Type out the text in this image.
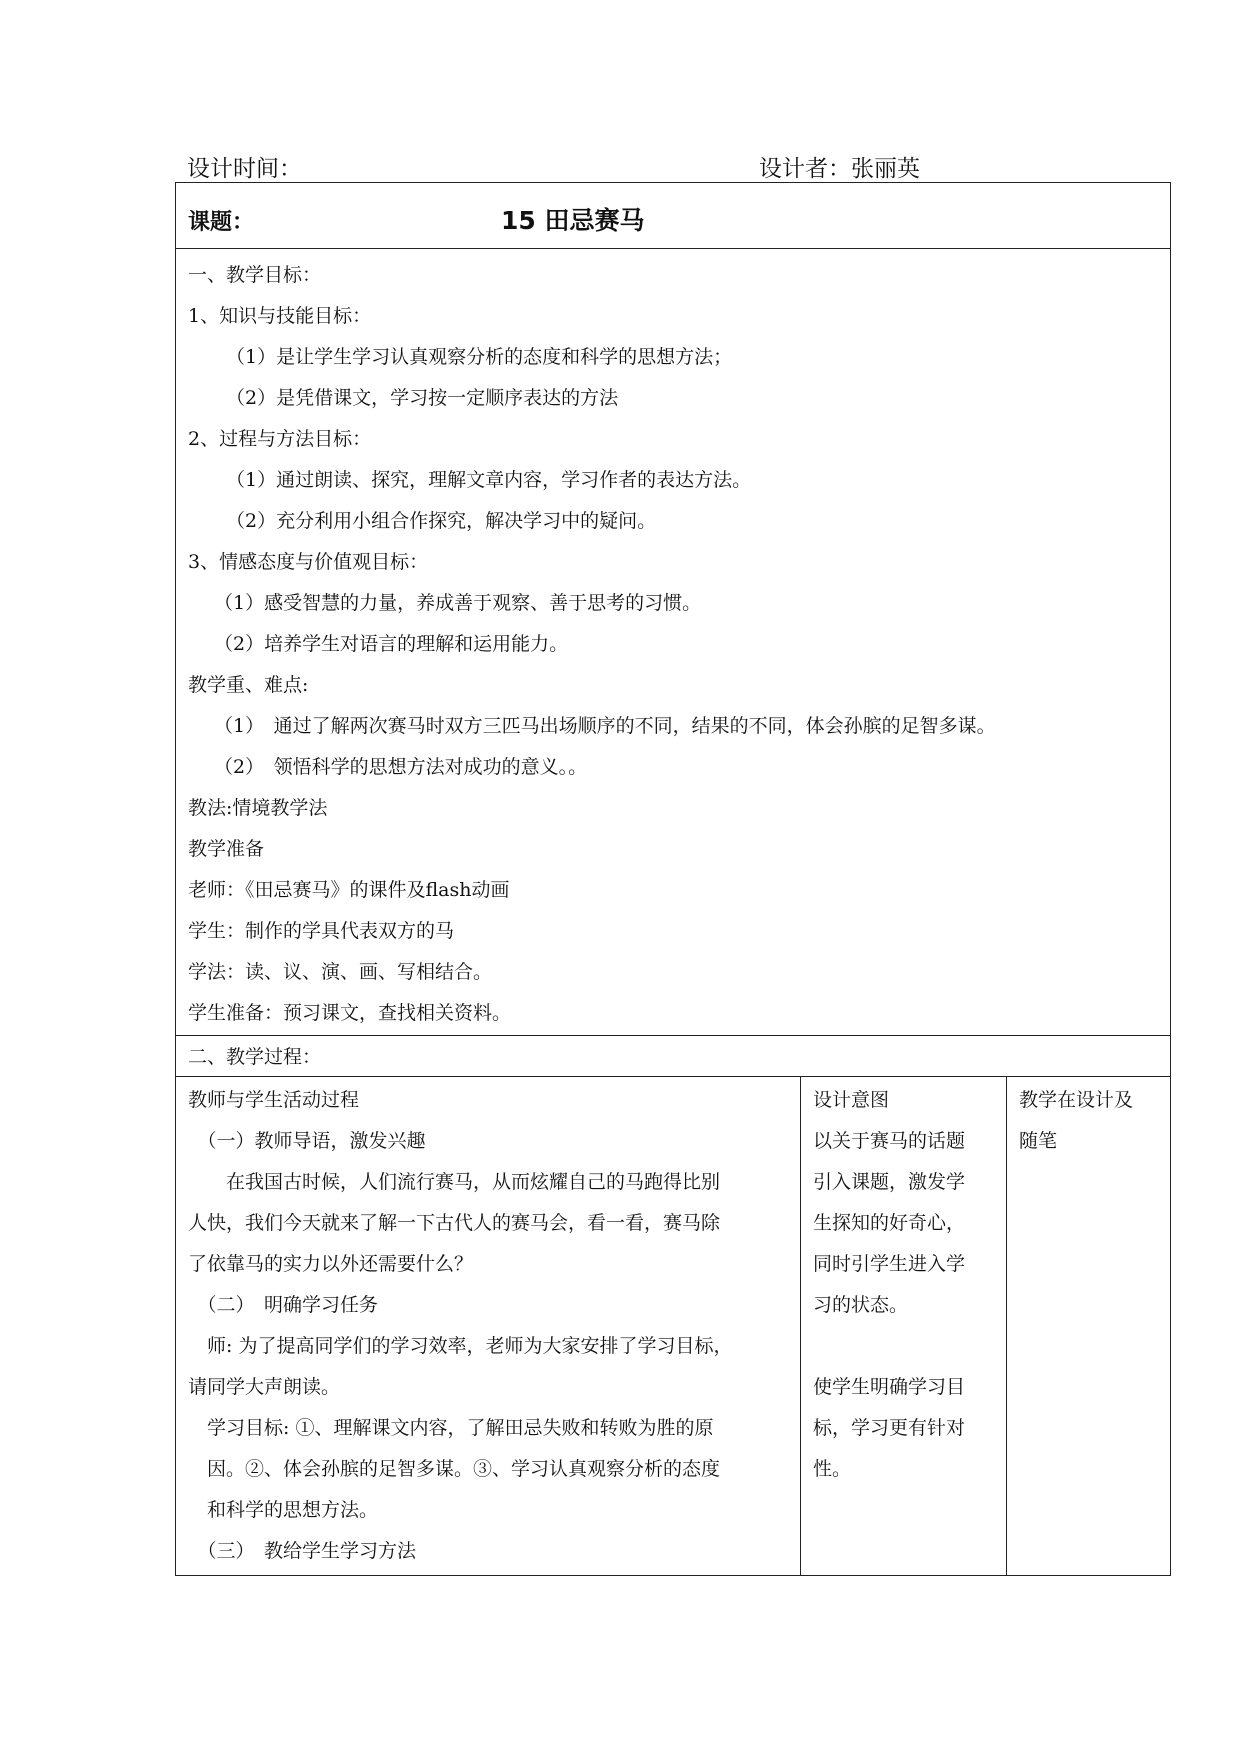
设计时间：	设计者：张丽英
课题：	15 田忌赛马
一、教学目标：
1、知识与技能目标：
（1）是让学生学习认真观察分析的态度和科学的思想方法；
（2）是凭借课文，学习按一定顺序表达的方法
2、过程与方法目标：
（1）通过朗读、探究，理解文章内容，学习作者的表达方法。
（2）充分利用小组合作探究，解决学习中的疑问。
3、情感态度与价值观目标：
（1）感受智慧的力量，养成善于观察、善于思考的习惯。
（2）培养学生对语言的理解和运用能力。
教学重、难点:
（1）　通过了解两次赛马时双方三匹马出场顺序的不同，结果的不同，体会孙膑的足智多谋。
（2）　领悟科学的思想方法对成功的意义。。
教法:情境教学法
教学准备
老师：《田忌赛马》的课件及flash动画
学生：制作的学具代表双方的马
学法：读、议、演、画、写相结合。
学生准备：预习课文，查找相关资料。
二、教学过程：
教师与学生活动过程
　（一）教师导语，激发兴趣
　　在我国古时候，人们流行赛马，从而炫耀自己的马跑得比别
人快，我们今天就来了解一下古代人的赛马会，看一看，赛马除
了依靠马的实力以外还需要什么？
　（二）　明确学习任务
　师: 为了提高同学们的学习效率，老师为大家安排了学习目标，
请同学大声朗读。
　学习目标: ①、理解课文内容，了解田忌失败和转败为胜的原
　因。②、体会孙膑的足智多谋。③、学习认真观察分析的态度
　和科学的思想方法。
　（三）　教给学生学习方法
设计意图
以关于赛马的话题
引入课题，激发学
生探知的好奇心，
同时引学生进入学
习的状态。
使学生明确学习目
标，学习更有针对
性。
教学在设计及
随笔
